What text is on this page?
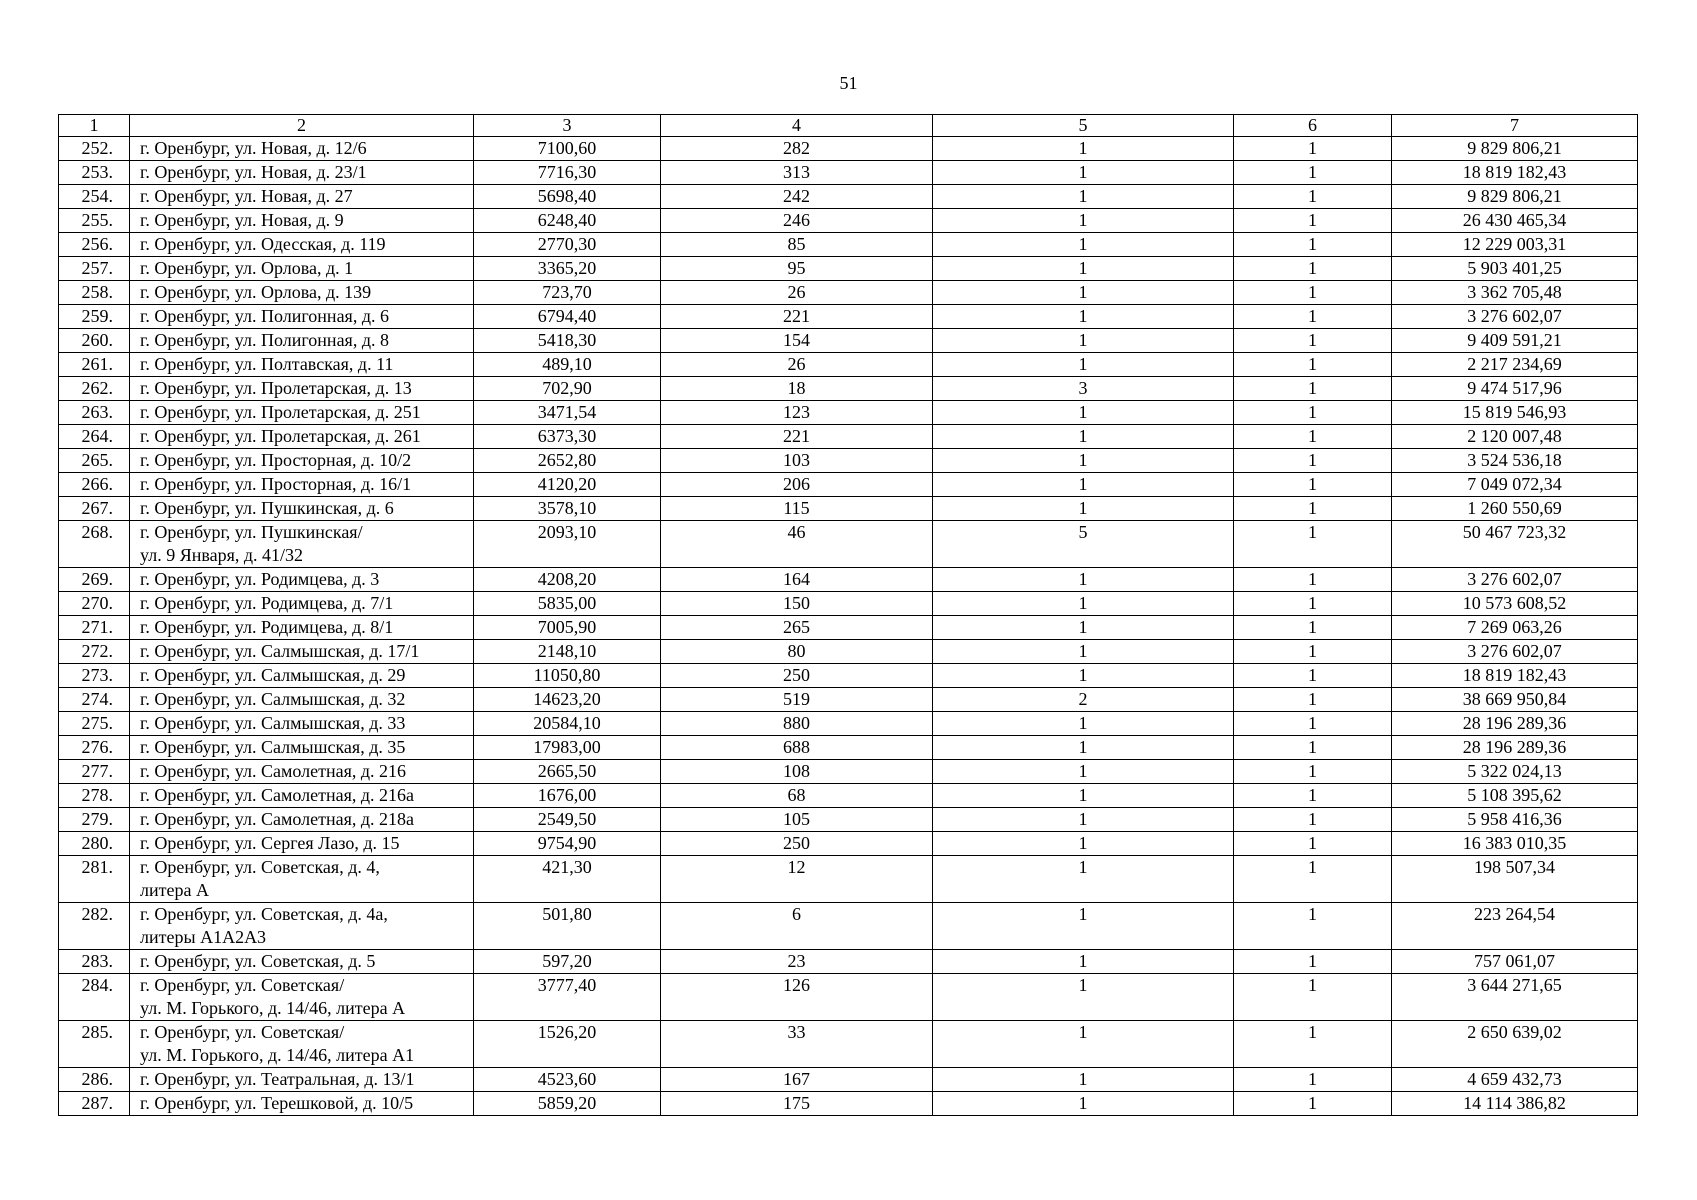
51
1	2	3	4	5	6	7
252.	г. Оренбург, ул. Новая, д. 12/6	7100,60	282	1	1	9 829 806,21
253.	г. Оренбург, ул. Новая, д. 23/1	7716,30	313	1	1	18 819 182,43
254.	г. Оренбург, ул. Новая, д. 27	5698,40	242	1	1	9 829 806,21
255.	г. Оренбург, ул. Новая, д. 9	6248,40	246	1	1	26 430 465,34
256.	г. Оренбург, ул. Одесская, д. 119	2770,30	85	1	1	12 229 003,31
257.	г. Оренбург, ул. Орлова, д. 1	3365,20	95	1	1	5 903 401,25
258.	г. Оренбург, ул. Орлова, д. 139	723,70	26	1	1	3 362 705,48
259.	г. Оренбург, ул. Полигонная, д. 6	6794,40	221	1	1	3 276 602,07
260.	г. Оренбург, ул. Полигонная, д. 8	5418,30	154	1	1	9 409 591,21
261.	г. Оренбург, ул. Полтавская, д. 11	489,10	26	1	1	2 217 234,69
262.	г. Оренбург, ул. Пролетарская, д. 13	702,90	18	3	1	9 474 517,96
263.	г. Оренбург, ул. Пролетарская, д. 251	3471,54	123	1	1	15 819 546,93
264.	г. Оренбург, ул. Пролетарская, д. 261	6373,30	221	1	1	2 120 007,48
265.	г. Оренбург, ул. Просторная, д. 10/2	2652,80	103	1	1	3 524 536,18
266.	г. Оренбург, ул. Просторная, д. 16/1	4120,20	206	1	1	7 049 072,34
267.	г. Оренбург, ул. Пушкинская, д. 6	3578,10	115	1	1	1 260 550,69
268.	г. Оренбург, ул. Пушкинская/
ул. 9 Января, д. 41/32	2093,10	46	5	1	50 467 723,32
269.	г. Оренбург, ул. Родимцева, д. 3	4208,20	164	1	1	3 276 602,07
270.	г. Оренбург, ул. Родимцева, д. 7/1	5835,00	150	1	1	10 573 608,52
271.	г. Оренбург, ул. Родимцева, д. 8/1	7005,90	265	1	1	7 269 063,26
272.	г. Оренбург, ул. Салмышская, д. 17/1	2148,10	80	1	1	3 276 602,07
273.	г. Оренбург, ул. Салмышская, д. 29	11050,80	250	1	1	18 819 182,43
274.	г. Оренбург, ул. Салмышская, д. 32	14623,20	519	2	1	38 669 950,84
275.	г. Оренбург, ул. Салмышская, д. 33	20584,10	880	1	1	28 196 289,36
276.	г. Оренбург, ул. Салмышская, д. 35	17983,00	688	1	1	28 196 289,36
277.	г. Оренбург, ул. Самолетная, д. 216	2665,50	108	1	1	5 322 024,13
278.	г. Оренбург, ул. Самолетная, д. 216а	1676,00	68	1	1	5 108 395,62
279.	г. Оренбург, ул. Самолетная, д. 218а	2549,50	105	1	1	5 958 416,36
280.	г. Оренбург, ул. Сергея Лазо, д. 15	9754,90	250	1	1	16 383 010,35
281.	г. Оренбург, ул. Советская, д. 4,
литера А	421,30	12	1	1	198 507,34
282.	г. Оренбург, ул. Советская, д. 4а,
литеры А1А2А3	501,80	6	1	1	223 264,54
283.	г. Оренбург, ул. Советская, д. 5	597,20	23	1	1	757 061,07
284.	г. Оренбург, ул. Советская/
ул. М. Горького, д. 14/46, литера А	3777,40	126	1	1	3 644 271,65
285.	г. Оренбург, ул. Советская/
ул. М. Горького, д. 14/46, литера А1	1526,20	33	1	1	2 650 639,02
286.	г. Оренбург, ул. Театральная, д. 13/1	4523,60	167	1	1	4 659 432,73
287.	г. Оренбург, ул. Терешковой, д. 10/5	5859,20	175	1	1	14 114 386,82
